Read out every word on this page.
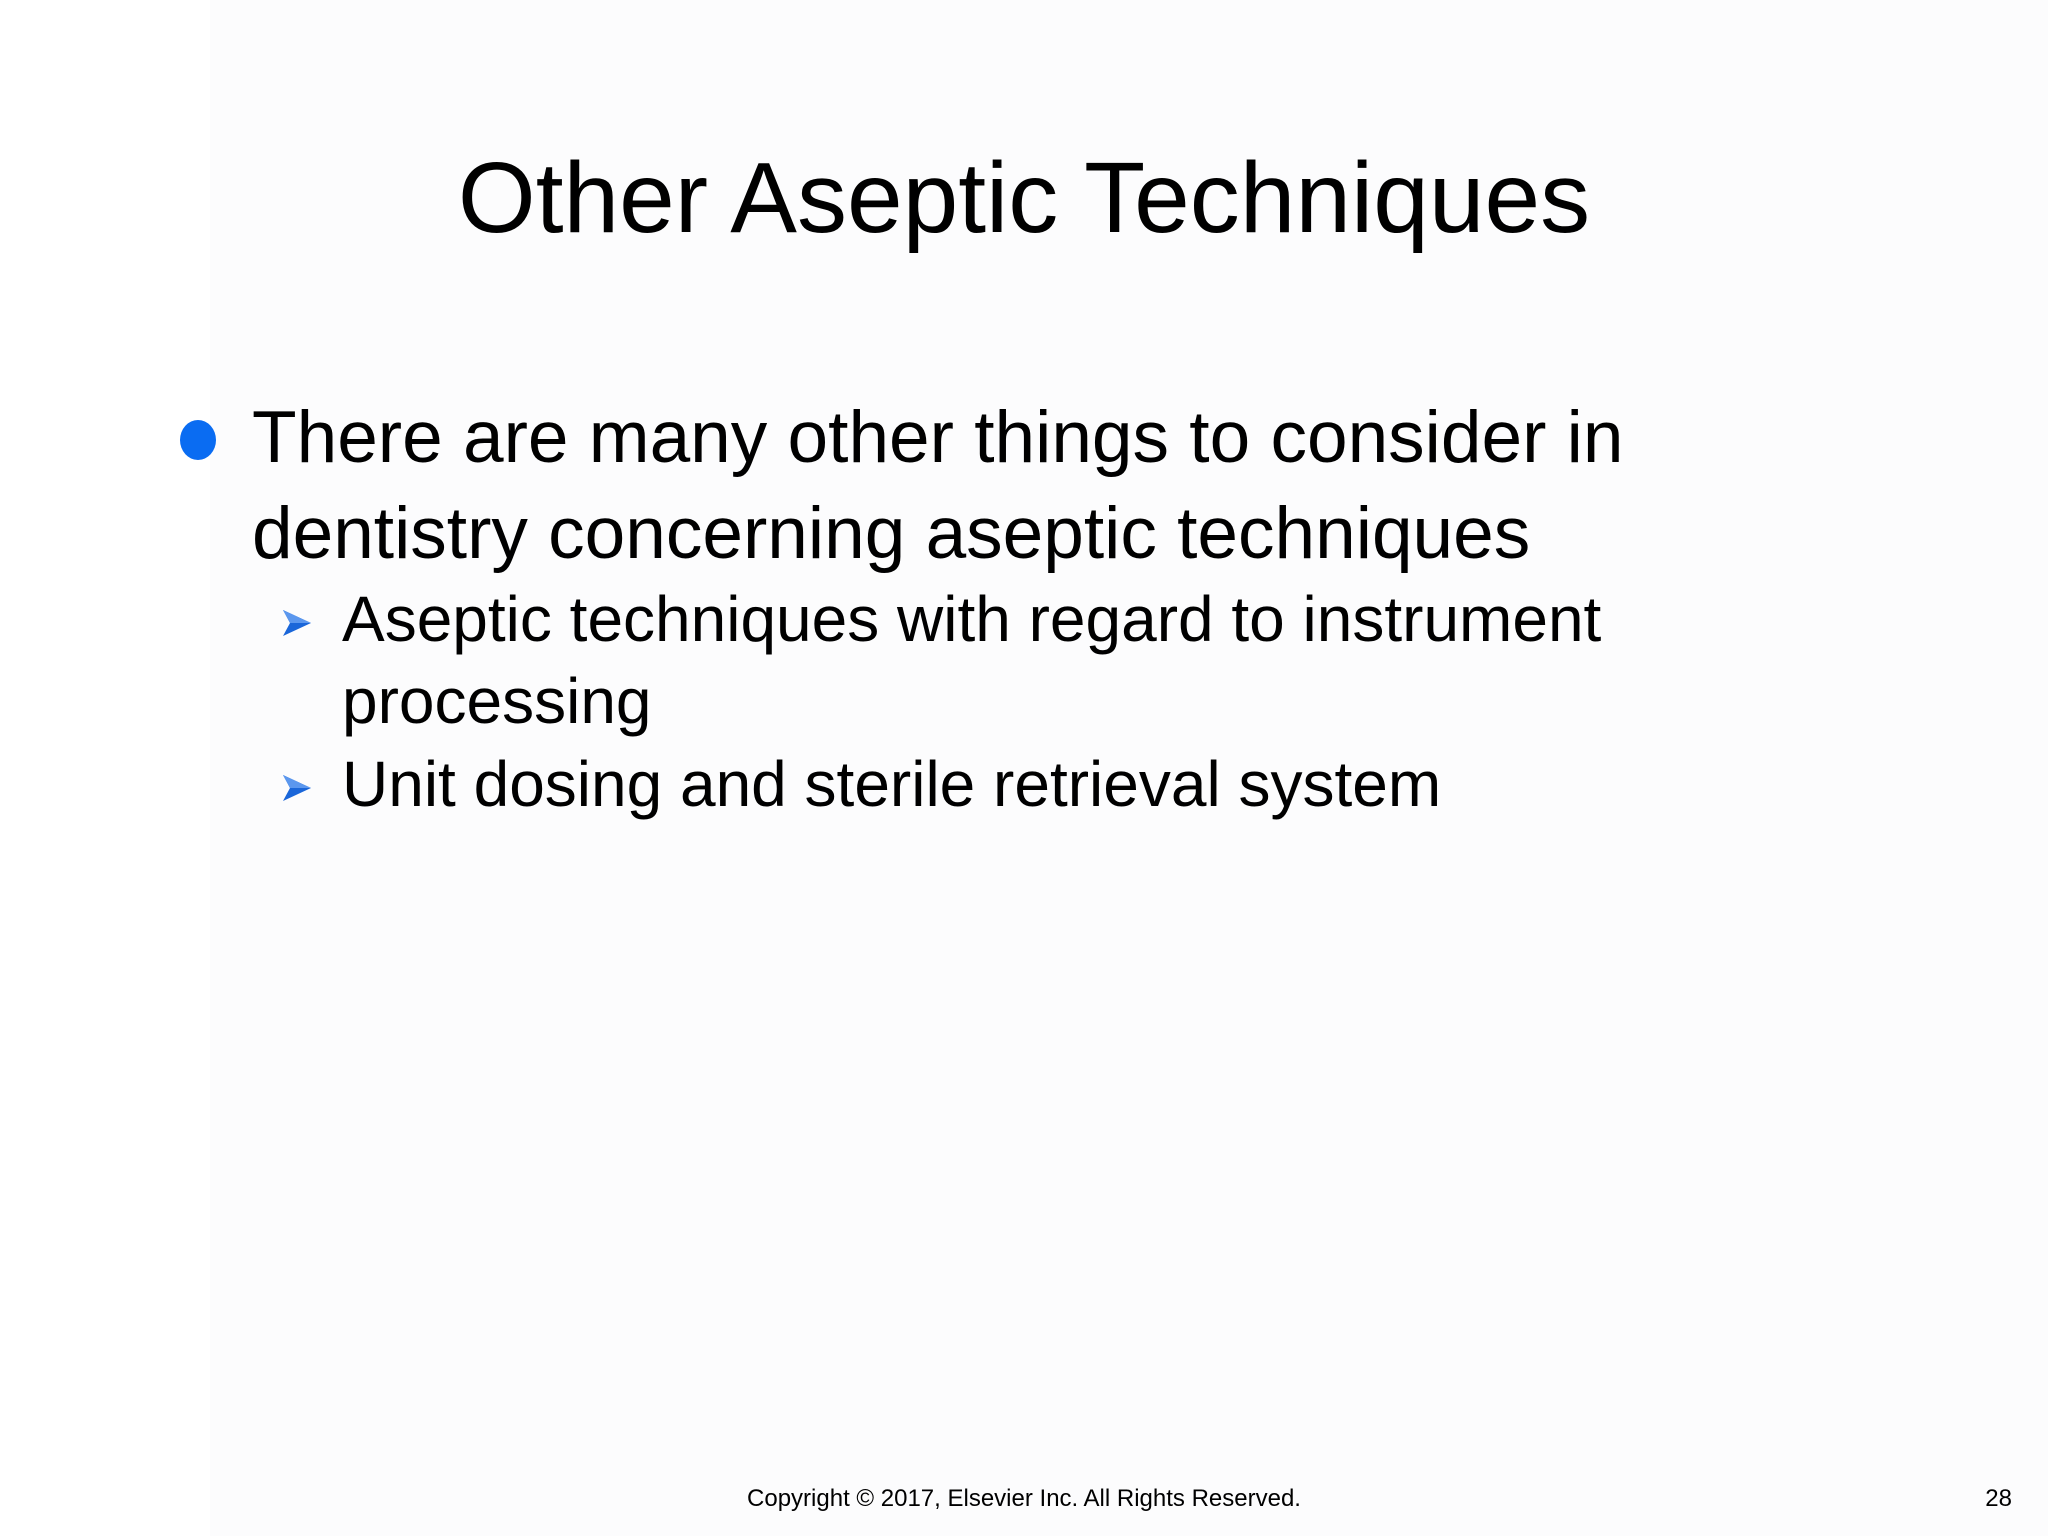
Other Aseptic Techniques
There are many other things to consider in dentistry concerning aseptic techniques
Aseptic techniques with regard to instrument processing
Unit dosing and sterile retrieval system
Copyright © 2017, Elsevier Inc. All Rights Reserved.	28
